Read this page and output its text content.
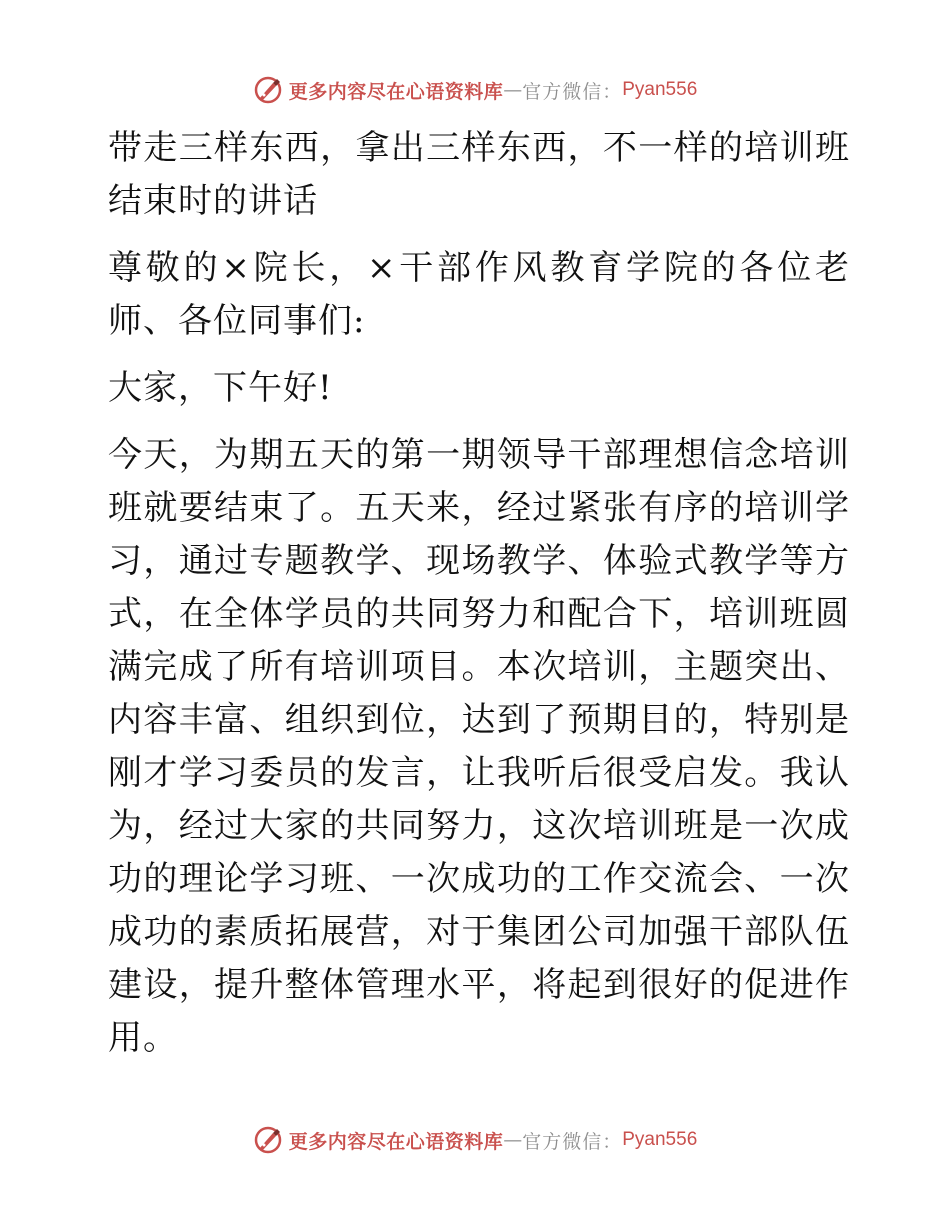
更多内容尽在心语资料库 — 官方微信： Pyan556

带走三样东西，拿出三样东西，不一样的培训班结束时的讲话

尊敬的×院长，×干部作风教育学院的各位老师、各位同事们:

大家，下午好!

今天，为期五天的第一期领导干部理想信念培训班就要结束了。五天来，经过紧张有序的培训学习，通过专题教学、现场教学、体验式教学等方式，在全体学员的共同努力和配合下，培训班圆满完成了所有培训项目。本次培训，主题突出、内容丰富、组织到位，达到了预期目的，特别是刚才学习委员的发言，让我听后很受启发。我认为，经过大家的共同努力，这次培训班是一次成功的理论学习班、一次成功的工作交流会、一次成功的素质拓展营，对于集团公司加强干部队伍建设，提升整体管理水平，将起到很好的促进作用。

更多内容尽在心语资料库 — 官方微信： Pyan556
